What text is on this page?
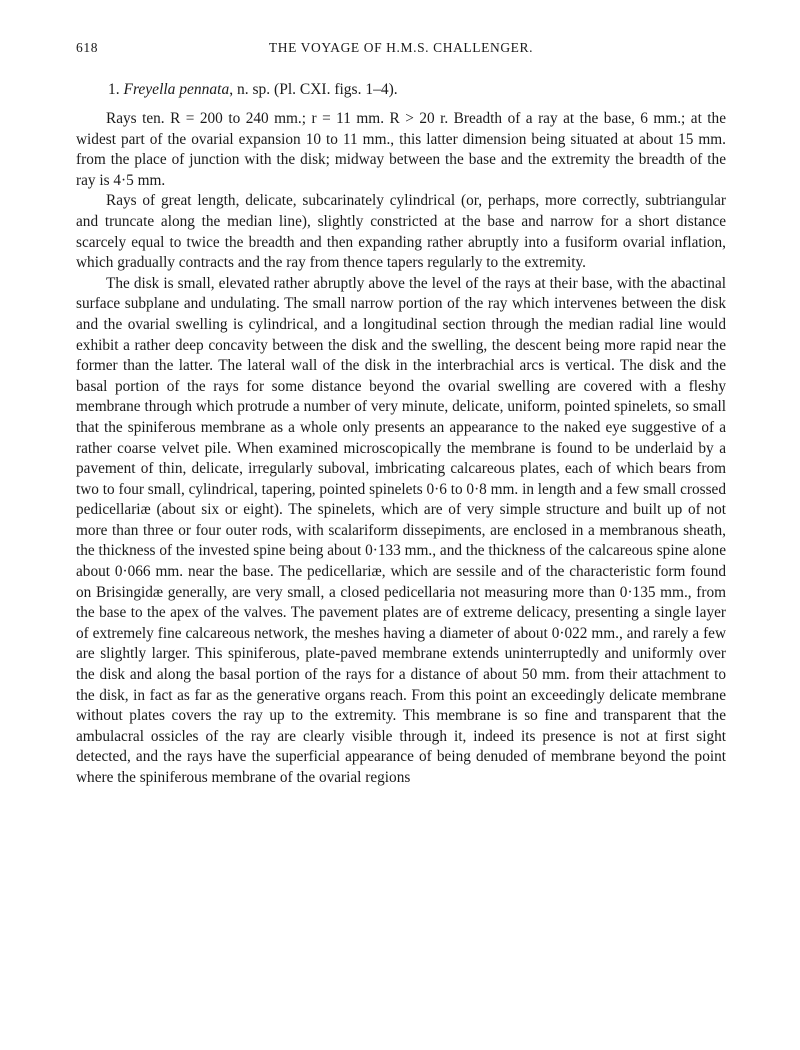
618	THE VOYAGE OF H.M.S. CHALLENGER.
1. Freyella pennata, n. sp. (Pl. CXI. figs. 1–4).

Rays ten. R = 200 to 240 mm.; r = 11 mm. R > 20 r. Breadth of a ray at the base, 6 mm.; at the widest part of the ovarial expansion 10 to 11 mm., this latter dimension being situated at about 15 mm. from the place of junction with the disk; midway between the base and the extremity the breadth of the ray is 4·5 mm.

Rays of great length, delicate, subcarinately cylindrical (or, perhaps, more correctly, subtriangular and truncate along the median line), slightly constricted at the base and narrow for a short distance scarcely equal to twice the breadth and then expanding rather abruptly into a fusiform ovarial inflation, which gradually contracts and the ray from thence tapers regularly to the extremity.

The disk is small, elevated rather abruptly above the level of the rays at their base, with the abactinal surface subplane and undulating. The small narrow portion of the ray which intervenes between the disk and the ovarial swelling is cylindrical, and a longitudinal section through the median radial line would exhibit a rather deep concavity between the disk and the swelling, the descent being more rapid near the former than the latter. The lateral wall of the disk in the interbrachial arcs is vertical. The disk and the basal portion of the rays for some distance beyond the ovarial swelling are covered with a fleshy membrane through which protrude a number of very minute, delicate, uniform, pointed spinelets, so small that the spiniferous membrane as a whole only presents an appearance to the naked eye suggestive of a rather coarse velvet pile. When examined microscopically the membrane is found to be underlaid by a pavement of thin, delicate, irregularly suboval, imbricating calcareous plates, each of which bears from two to four small, cylindrical, tapering, pointed spinelets 0·6 to 0·8 mm. in length and a few small crossed pedicellariæ (about six or eight). The spinelets, which are of very simple structure and built up of not more than three or four outer rods, with scalariform dissepiments, are enclosed in a membranous sheath, the thickness of the invested spine being about 0·133 mm., and the thickness of the calcareous spine alone about 0·066 mm. near the base. The pedicellariæ, which are sessile and of the characteristic form found on Brisingidæ generally, are very small, a closed pedicellaria not measuring more than 0·135 mm., from the base to the apex of the valves. The pavement plates are of extreme delicacy, presenting a single layer of extremely fine calcareous network, the meshes having a diameter of about 0·022 mm., and rarely a few are slightly larger. This spiniferous, plate-paved membrane extends uninterruptedly and uniformly over the disk and along the basal portion of the rays for a distance of about 50 mm. from their attachment to the disk, in fact as far as the generative organs reach. From this point an exceedingly delicate membrane without plates covers the ray up to the extremity. This membrane is so fine and transparent that the ambulacral ossicles of the ray are clearly visible through it, indeed its presence is not at first sight detected, and the rays have the superficial appearance of being denuded of membrane beyond the point where the spiniferous membrane of the ovarial regions
